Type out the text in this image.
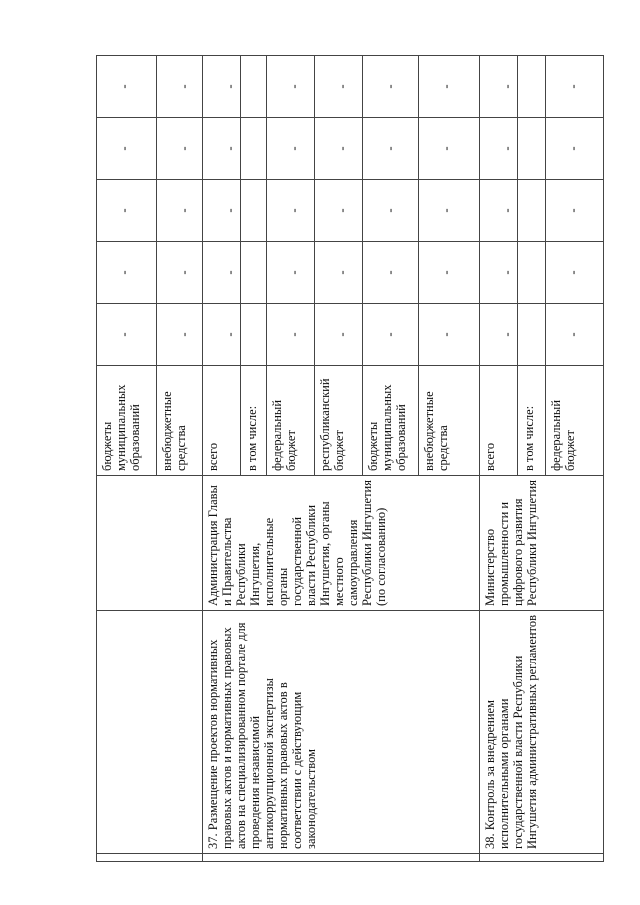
			бюджеты муниципальных образований	-	-	-	-	-
			внебюджетные средства	-	-	-	-	-
	37. Размещение проектов нормативных правовых актов и нормативных правовых актов на специализированном портале для проведения независимой антикоррупционной экспертизы нормативных правовых актов в соответствии с действующим законодательством	Администрация Главы и Правительства Республики Ингушетия, исполнительные органы государственной власти Республики Ингушетия, органы местного самоуправления Республики Ингушетия (по согласованию)	всего	-	-	-	-	-
			в том числе:					
			федеральный бюджет	-	-	-	-	-
			республиканский бюджет	-	-	-	-	-
			бюджеты муниципальных образований	-	-	-	-	-
			внебюджетные средства	-	-	-	-	-
	38. Контроль за внедрением исполнительными органами государственной власти Республики Ингушетия административных регламентов	Министерство промышленности и цифрового развития Республики Ингушетия	всего	-	-	-	-	-
			в том числе:					
			федеральный бюджет	-	-	-	-	-
